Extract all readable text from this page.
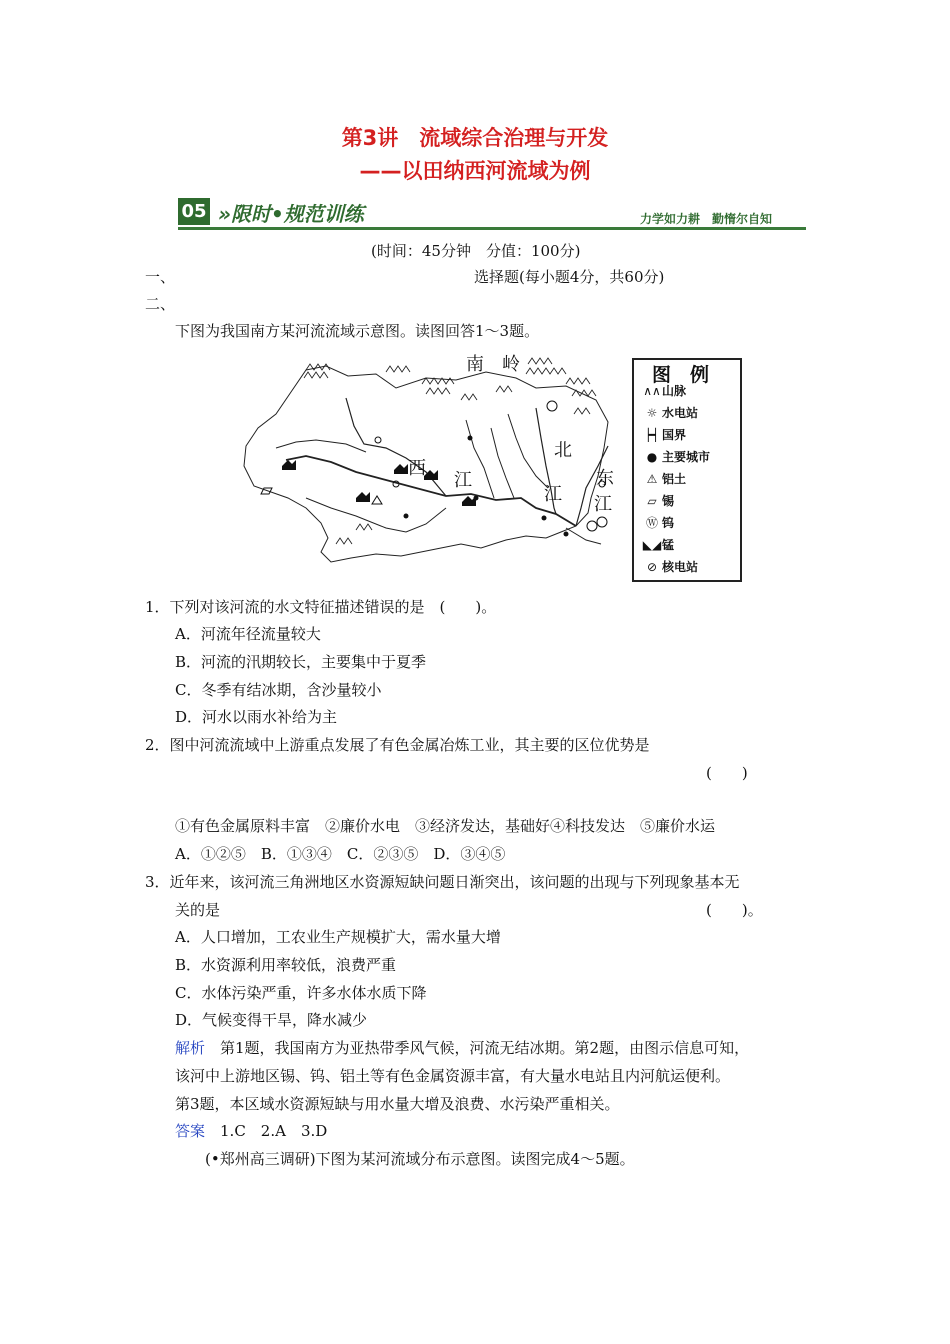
第3讲　流域综合治理与开发
——以田纳西河流域为例
05 »限时•规范训练	力学如力耕　勤惰尔自知
(时间：45分钟　分值：100分)
一、	选择题(每小题4分，共60分)
二、
下图为我国南方某河流流域示意图。读图回答1～3题。
南　岭
西
江
北
江
东
江
图　例
∧∧山脉
☼ 水电站
┝┥ 国界
● 主要城市
⚠ 铝土
▱ 锡
Ⓦ 钨
◣◢锰
⊘ 核电站
1．下列对该河流的水文特征描述错误的是　(　　)。
A．河流年径流量较大
B．河流的汛期较长，主要集中于夏季
C．冬季有结冰期，含沙量较小
D．河水以雨水补给为主
2．图中河流流域中上游重点发展了有色金属冶炼工业，其主要的区位优势是
(　　)
①有色金属原料丰富　②廉价水电　③经济发达，基础好④科技发达　⑤廉价水运
A．①②⑤　B．①③④　C．②③⑤　D．③④⑤
3．近年来，该河流三角洲地区水资源短缺问题日渐突出，该问题的出现与下列现象基本无
关的是	(　　)。
A．人口增加，工农业生产规模扩大，需水量大增
B．水资源利用率较低，浪费严重
C．水体污染严重，许多水体水质下降
D．气候变得干旱，降水减少
解析　第1题，我国南方为亚热带季风气候，河流无结冰期。第2题，由图示信息可知，
该河中上游地区锡、钨、铝土等有色金属资源丰富，有大量水电站且内河航运便利。
第3题，本区域水资源短缺与用水量大增及浪费、水污染严重相关。
答案　1.C　2.A　3.D
(•郑州高三调研)下图为某河流域分布示意图。读图完成4～5题。
